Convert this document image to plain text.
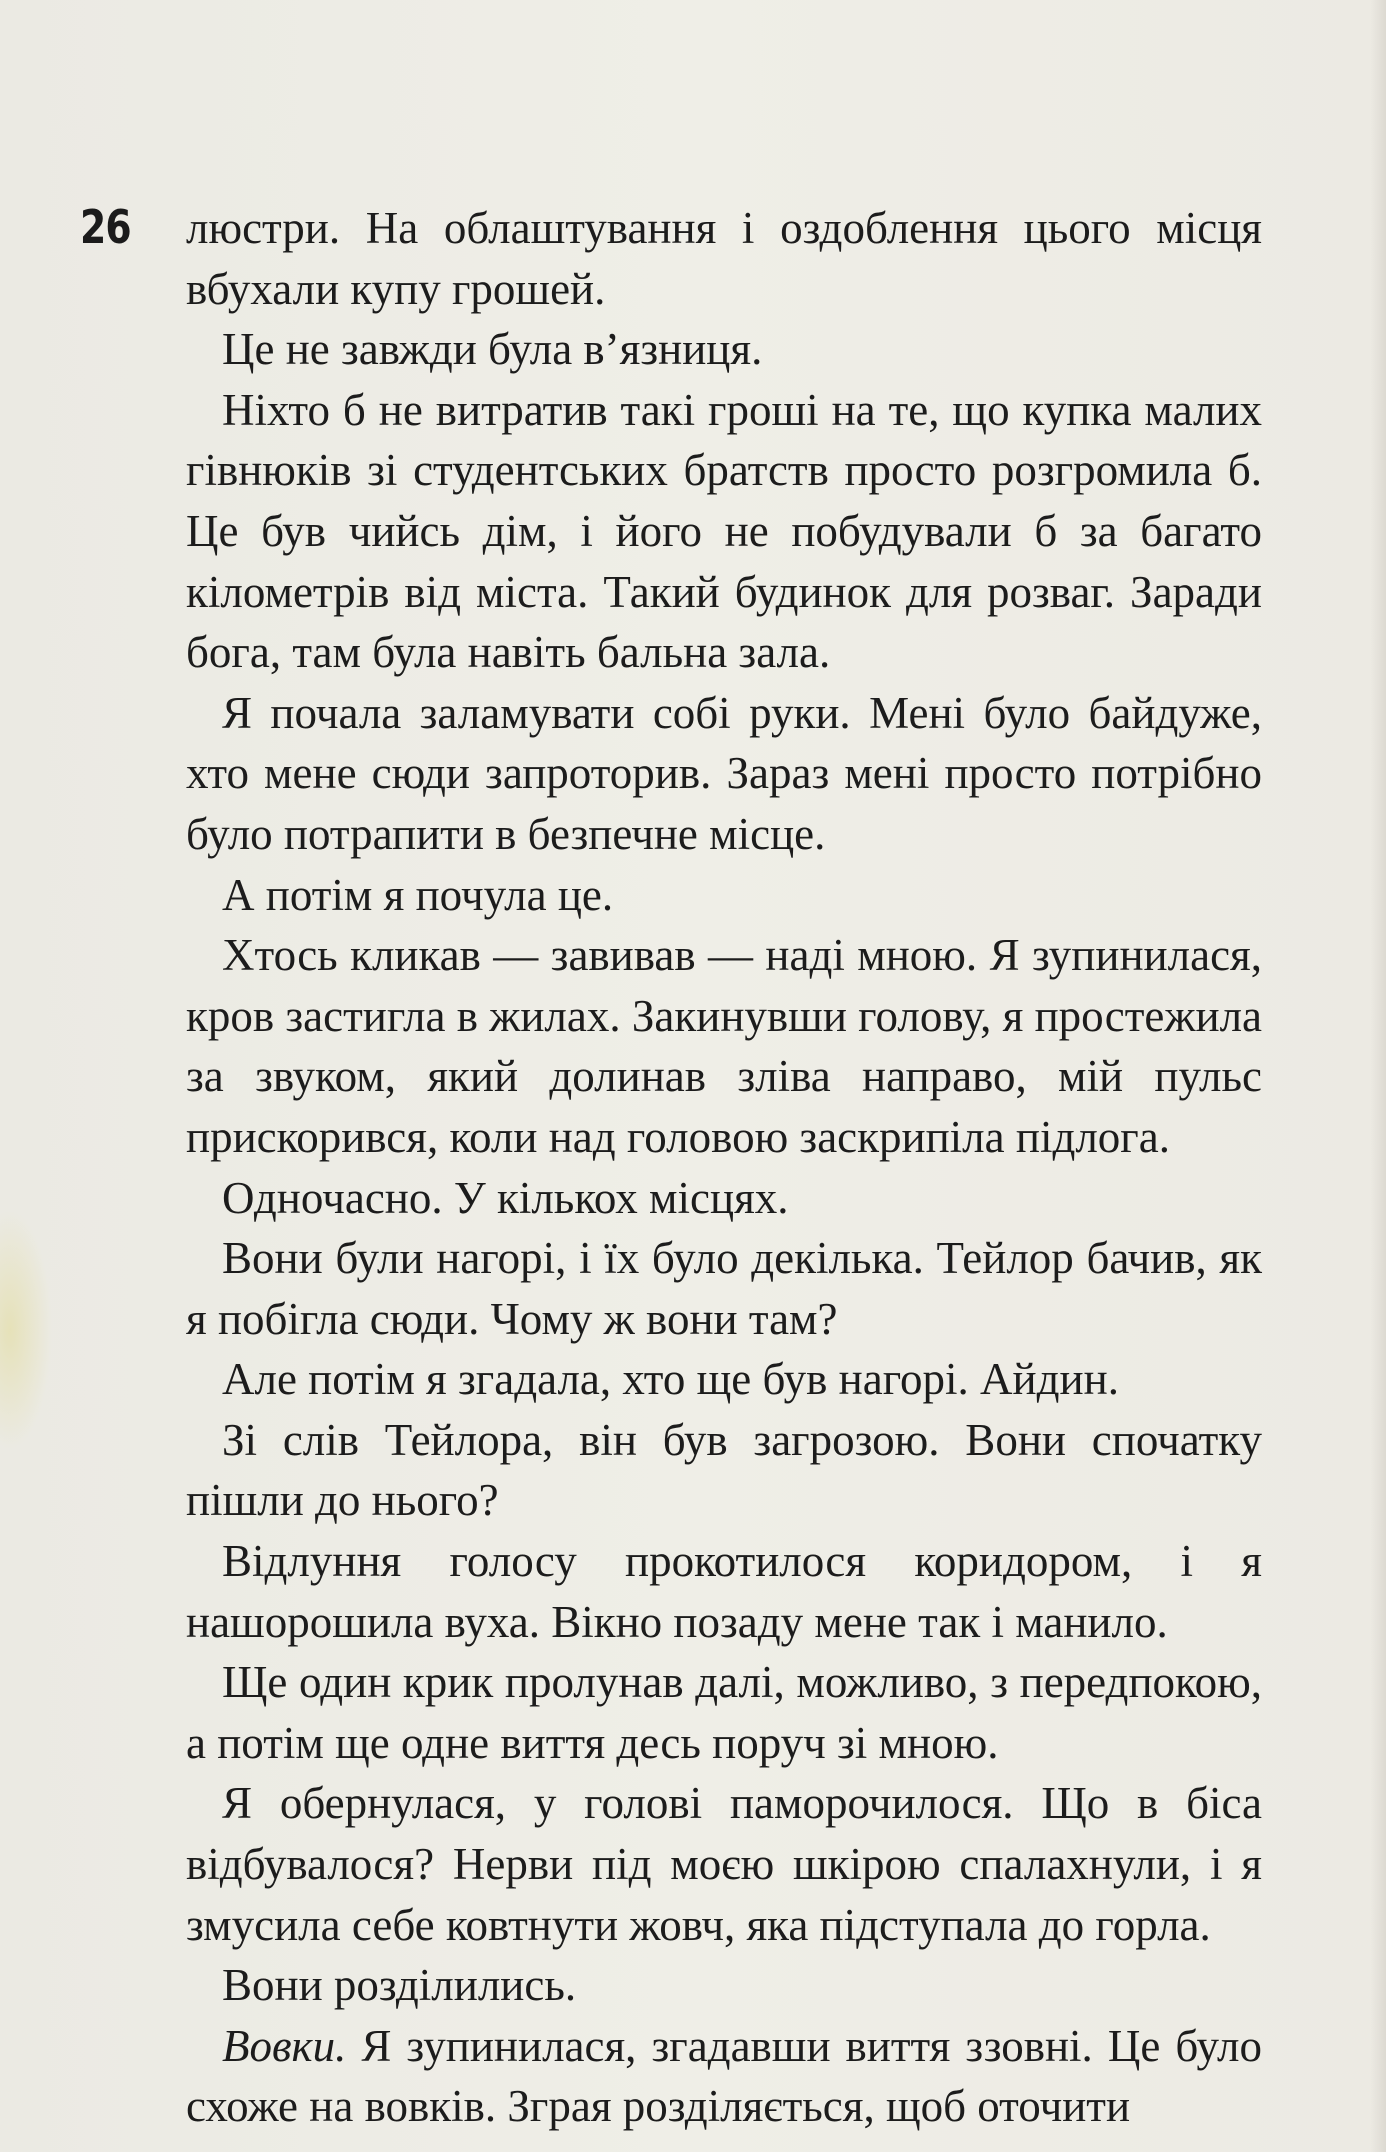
26 люстри. На облаштування і оздоблення цього місця вбухали купу грошей.

Це не завжди була в’язниця.

Ніхто б не витратив такі гроші на те, що купка малих гівнюків зі студентських братств просто розгромила б. Це був чийсь дім, і його не побудували б за багато кілометрів від міста. Такий будинок для розваг. Заради бога, там була навіть бальна зала.

Я почала заламувати собі руки. Мені було байдуже, хто мене сюди запроторив. Зараз мені просто потрібно було потрапити в безпечне місце.

А потім я почула це.

Хтось кликав — завивав — наді мною. Я зупинилася, кров застигла в жилах. Закинувши голову, я простежила за звуком, який долинав зліва направо, мій пульс прискорився, коли над головою заскрипіла підлога.

Одночасно. У кількох місцях.

Вони були нагорі, і їх було декілька. Тейлор бачив, як я побігла сюди. Чому ж вони там?

Але потім я згадала, хто ще був нагорі. Айдин.

Зі слів Тейлора, він був загрозою. Вони спочатку пішли до нього?

Відлуння голосу прокотилося коридором, і я нашорошила вуха. Вікно позаду мене так і манило.

Ще один крик пролунав далі, можливо, з передпокою, а потім ще одне виття десь поруч зі мною.

Я обернулася, у голові паморочилося. Що в біса відбувалося? Нерви під моєю шкірою спалахнули, і я змусила себе ковтнути жовч, яка підступала до горла.

Вони розділились.

Вовки. Я зупинилася, згадавши виття ззовні. Це було схоже на вовків. Зграя розділяється, щоб оточити
